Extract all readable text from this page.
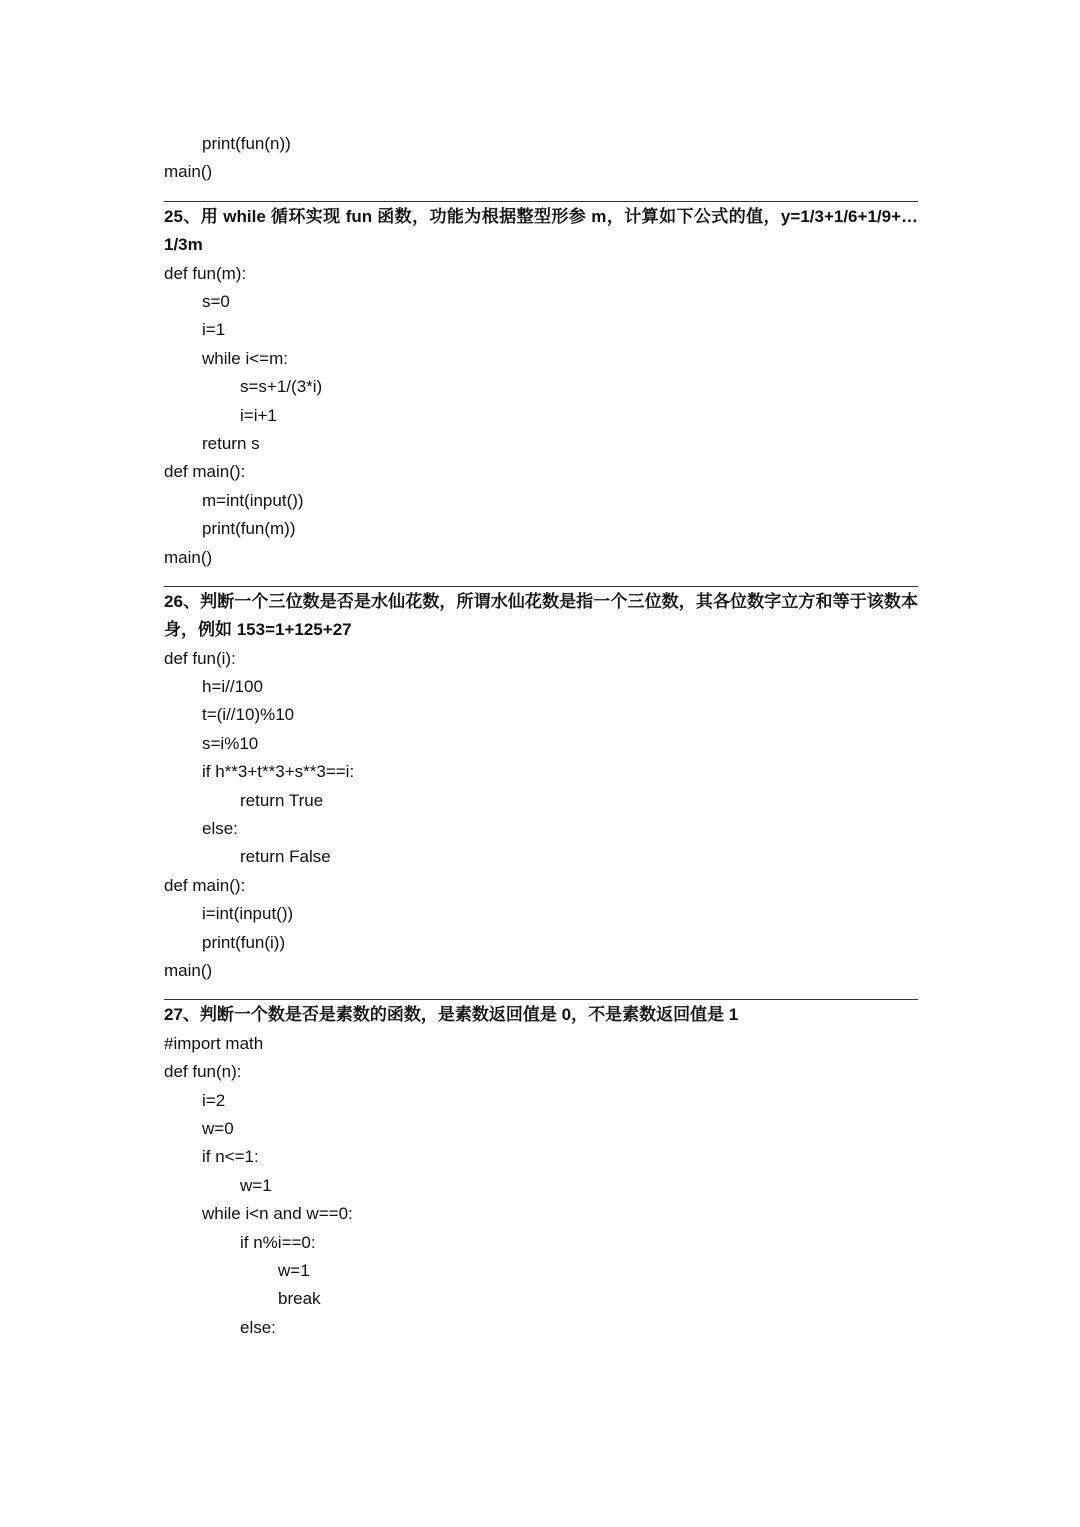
print(fun(n))
main()
25、用 while 循环实现 fun 函数，功能为根据整型形参 m，计算如下公式的值，y=1/3+1/6+1/9+…1/3m
def fun(m):
s=0
i=1
while i<=m:
s=s+1/(3*i)
i=i+1
return s
def main():
m=int(input())
print(fun(m))
main()
26、判断一个三位数是否是水仙花数，所谓水仙花数是指一个三位数，其各位数字立方和等于该数本身，例如 153=1+125+27
def fun(i):
h=i//100
t=(i//10)%10
s=i%10
if h**3+t**3+s**3==i:
return True
else:
return False
def main():
i=int(input())
print(fun(i))
main()
27、判断一个数是否是素数的函数，是素数返回值是 0，不是素数返回值是 1
#import math
def fun(n):
i=2
w=0
if n<=1:
w=1
while i<n and w==0:
if n%i==0:
w=1
break
else:
